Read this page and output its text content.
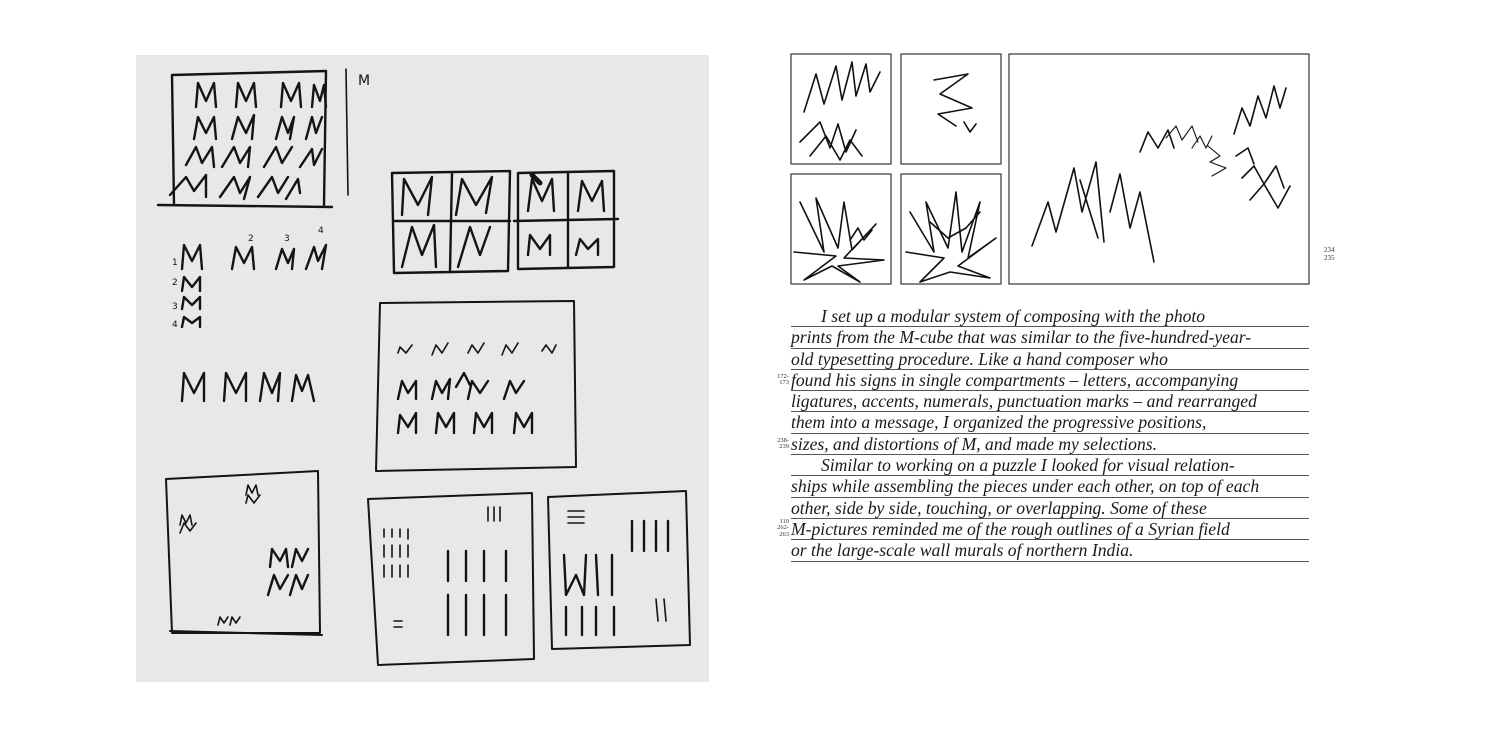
M
1
2
3
4
2	3
4
234
235
I set up a modular system of composing with the photo
prints from the M-cube that was similar to the five-hundred-year-
old typesetting procedure. Like a hand composer who
172-
173 found his signs in single compartments – letters, accompanying
ligatures, accents, numerals, punctuation marks – and rearranged
them into a message, I organized the progressive positions,
238-
239 sizes, and distortions of M, and made my selections.
Similar to working on a puzzle I looked for visual relation-
ships while assembling the pieces under each other, on top of each
other, side by side, touching, or overlapping. Some of these
110
262-
263 M-pictures reminded me of the rough outlines of a Syrian field
or the large-scale wall murals of northern India.
